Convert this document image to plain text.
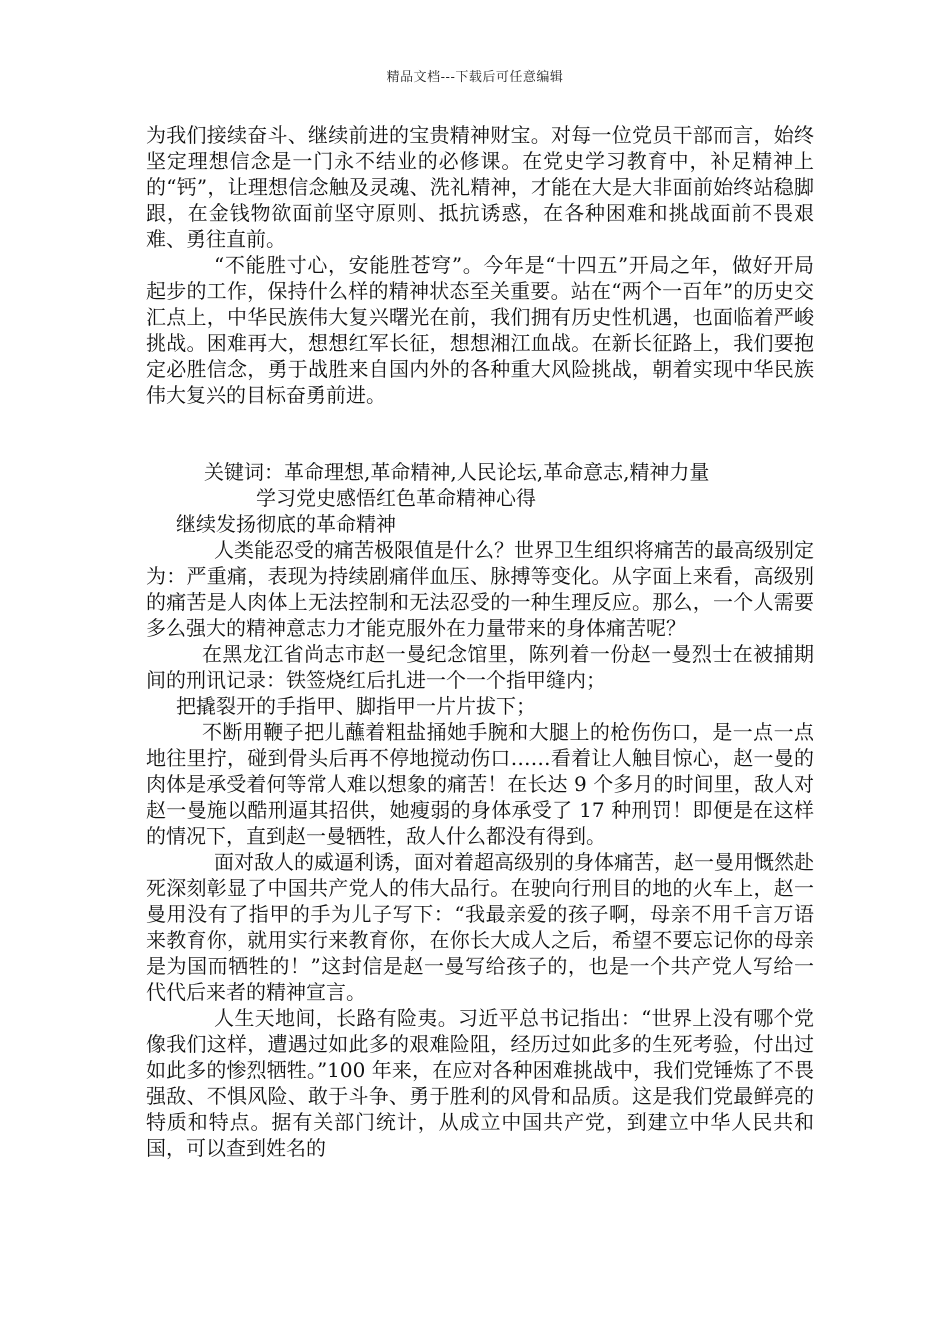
精品文档---下载后可任意编辑

为我们接续奋斗、继续前进的宝贵精神财宝。对每一位党员干部而言，始终坚定理想信念是一门永不结业的必修课。在党史学习教育中，补足精神上的“钙”，让理想信念触及灵魂、洗礼精神，才能在大是大非面前始终站稳脚跟，在金钱物欲面前坚守原则、抵抗诱惑，在各种困难和挑战面前不畏艰难、勇往直前。

“不能胜寸心，安能胜苍穹”。今年是“十四五”开局之年，做好开局起步的工作，保持什么样的精神状态至关重要。站在“两个一百年”的历史交汇点上，中华民族伟大复兴曙光在前，我们拥有历史性机遇，也面临着严峻挑战。困难再大，想想红军长征，想想湘江血战。在新长征路上，我们要抱定必胜信念，勇于战胜来自国内外的各种重大风险挑战，朝着实现中华民族伟大复兴的目标奋勇前进。

关键词：革命理想,革命精神,人民论坛,革命意志,精神力量

学习党史感悟红色革命精神心得

继续发扬彻底的革命精神

人类能忍受的痛苦极限值是什么？世界卫生组织将痛苦的最高级别定为：严重痛，表现为持续剧痛伴血压、脉搏等变化。从字面上来看，高级别的痛苦是人肉体上无法控制和无法忍受的一种生理反应。那么，一个人需要多么强大的精神意志力才能克服外在力量带来的身体痛苦呢？

在黑龙江省尚志市赵一曼纪念馆里，陈列着一份赵一曼烈士在被捕期间的刑讯记录：铁签烧红后扎进一个一个指甲缝内；

把撬裂开的手指甲、脚指甲一片片拔下；

不断用鞭子把儿蘸着粗盐捅她手腕和大腿上的枪伤伤口，是一点一点地往里拧，碰到骨头后再不停地搅动伤口……看着让人触目惊心，赵一曼的肉体是承受着何等常人难以想象的痛苦！在长达 9 个多月的时间里，敌人对赵一曼施以酷刑逼其招供，她瘦弱的身体承受了 17 种刑罚！即便是在这样的情况下，直到赵一曼牺牲，敌人什么都没有得到。

面对敌人的威逼利诱，面对着超高级别的身体痛苦，赵一曼用慨然赴死深刻彰显了中国共产党人的伟大品行。在驶向行刑目的地的火车上，赵一曼用没有了指甲的手为儿子写下：“我最亲爱的孩子啊，母亲不用千言万语来教育你，就用实行来教育你，在你长大成人之后，希望不要忘记你的母亲是为国而牺牲的！”这封信是赵一曼写给孩子的，也是一个共产党人写给一代代后来者的精神宣言。

人生天地间，长路有险夷。习近平总书记指出：“世界上没有哪个党像我们这样，遭遇过如此多的艰难险阻，经历过如此多的生死考验，付出过如此多的惨烈牺牲。”100 年来，在应对各种困难挑战中，我们党锤炼了不畏强敌、不惧风险、敢于斗争、勇于胜利的风骨和品质。这是我们党最鲜亮的特质和特点。据有关部门统计，从成立中国共产党，到建立中华人民共和国，可以查到姓名的
